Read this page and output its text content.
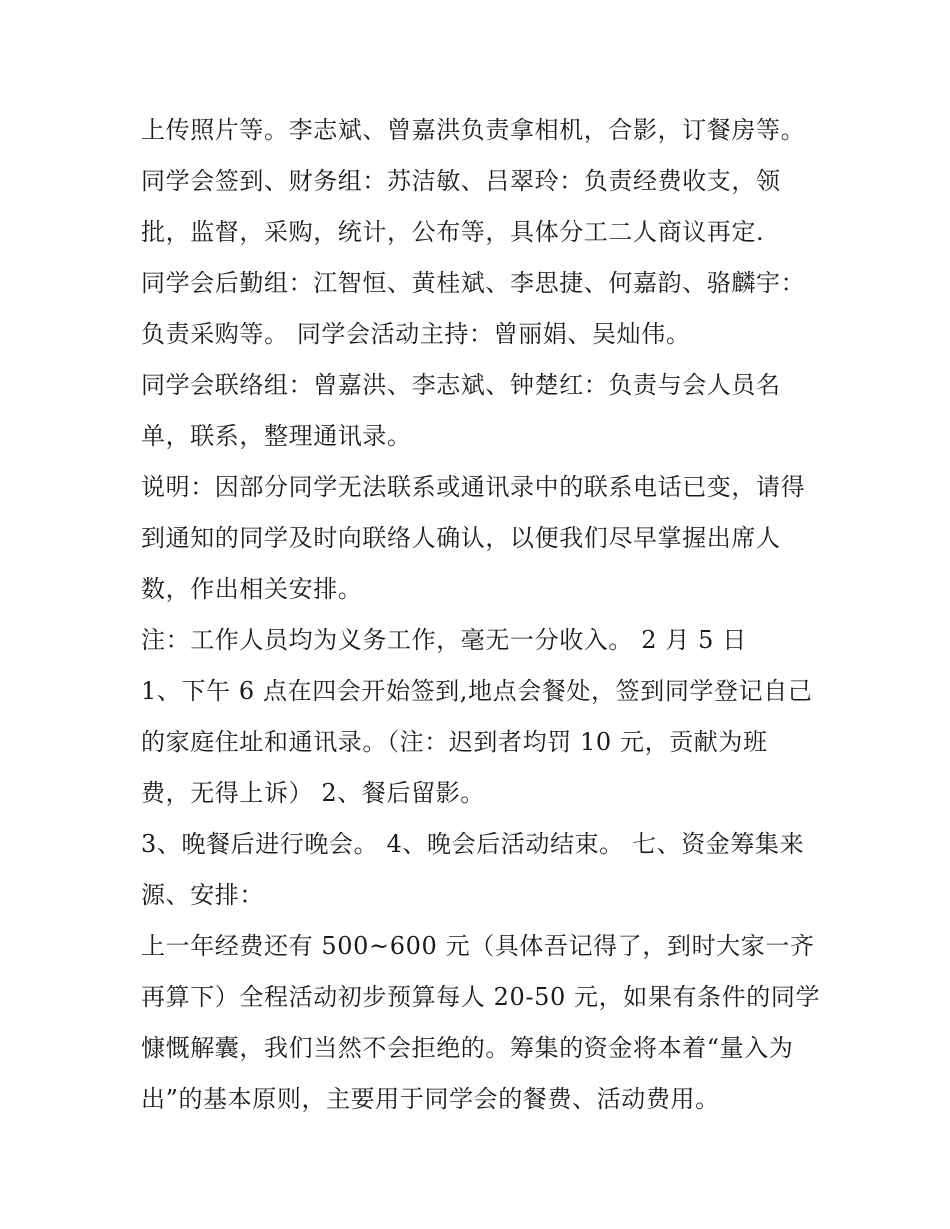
上传照片等。李志斌、曾嘉洪负责拿相机，合影，订餐房等。
同学会签到、财务组：苏洁敏、吕翠玲：负责经费收支，领
批，监督，采购，统计，公布等，具体分工二人商议再定.
同学会后勤组：江智恒、黄桂斌、李思捷、何嘉韵、骆麟宇：
负责采购等。 同学会活动主持：曾丽娟、吴灿伟。
同学会联络组：曾嘉洪、李志斌、钟楚红：负责与会人员名
单，联系，整理通讯录。
说明：因部分同学无法联系或通讯录中的联系电话已变，请得
到通知的同学及时向联络人确认，以便我们尽早掌握出席人
数，作出相关安排。
注：工作人员均为义务工作，毫无一分收入。 2 月 5 日
1、下午 6 点在四会开始签到,地点会餐处，签到同学登记自己
的家庭住址和通讯录。（注：迟到者均罚 10 元，贡献为班
费，无得上诉） 2、餐后留影。
3、晚餐后进行晚会。 4、晚会后活动结束。 七、资金筹集来
源、安排：
上一年经费还有 500~600 元（具体吾记得了，到时大家一齐
再算下）全程活动初步预算每人 20-50 元，如果有条件的同学
慷慨解囊，我们当然不会拒绝的。筹集的资金将本着“量入为
出”的基本原则，主要用于同学会的餐费、活动费用。
